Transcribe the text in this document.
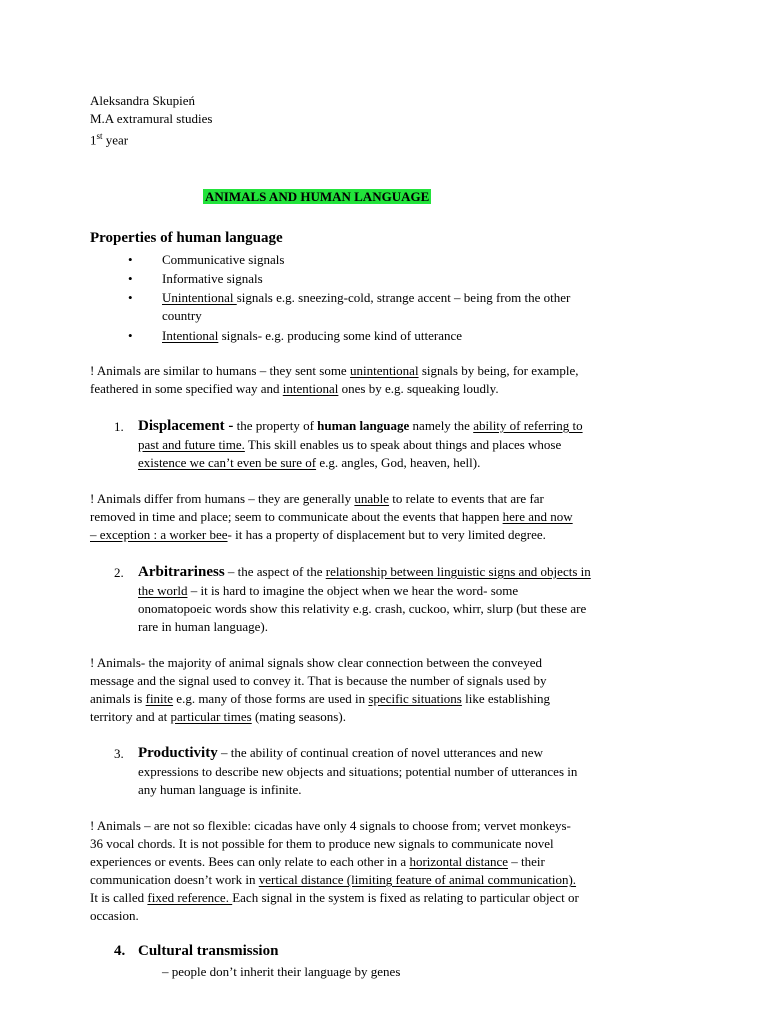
Aleksandra Skupień
M.A extramural studies
1st year
ANIMALS AND HUMAN LANGUAGE
Properties of human language
• Communicative signals
• Informative signals
• Unintentional signals e.g. sneezing-cold, strange accent – being from the other
country
• Intentional signals- e.g. producing some kind of utterance
! Animals are similar to humans – they sent some unintentional signals by being, for example,
feathered in some specified way and intentional ones by e.g. squeaking loudly.
1. Displacement - the property of human language namely the ability of referring to
past and future time. This skill enables us to speak about things and places whose
existence we can’t even be sure of e.g. angles, God, heaven, hell).
! Animals differ from humans – they are generally unable to relate to events that are far
removed in time and place; seem to communicate about the events that happen here and now
– exception : a worker bee- it has a property of displacement but to very limited degree.
2. Arbitrariness – the aspect of the relationship between linguistic signs and objects in
the world – it is hard to imagine the object when we hear the word- some
onomatopoeic words show this relativity e.g. crash, cuckoo, whirr, slurp (but these are
rare in human language).
! Animals- the majority of animal signals show clear connection between the conveyed
message and the signal used to convey it. That is because the number of signals used by
animals is finite e.g. many of those forms are used in specific situations like establishing
territory and at particular times (mating seasons).
3. Productivity – the ability of continual creation of novel utterances and new
expressions to describe new objects and situations; potential number of utterances in
any human language is infinite.
! Animals – are not so flexible: cicadas have only 4 signals to choose from; vervet monkeys-
36 vocal chords. It is not possible for them to produce new signals to communicate novel
experiences or events. Bees can only relate to each other in a horizontal distance – their
communication doesn’t work in vertical distance (limiting feature of animal communication).
It is called fixed reference. Each signal in the system is fixed as relating to particular object or
occasion.
4. Cultural transmission
– people don’t inherit their language by genes
